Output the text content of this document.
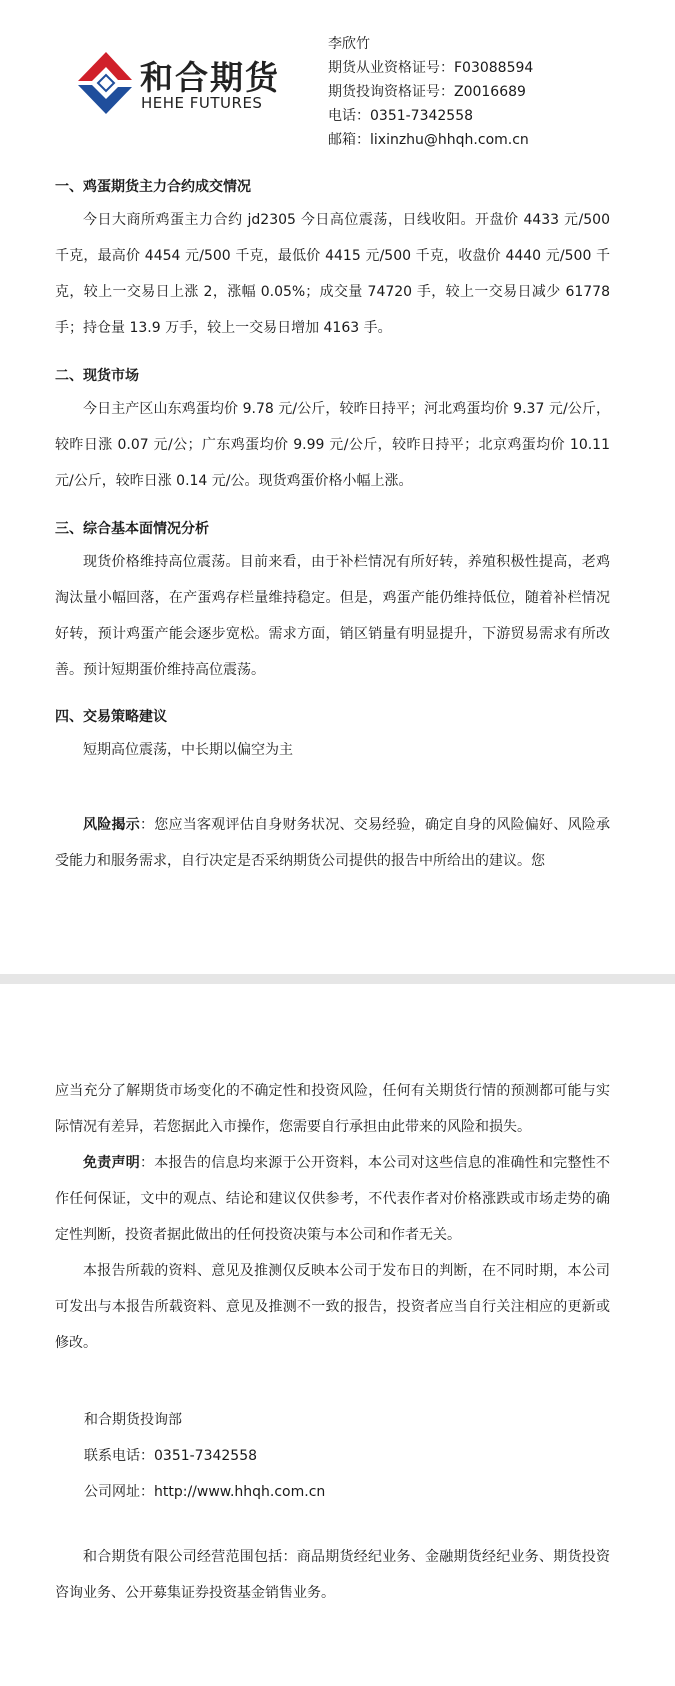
和合期货
HEHE FUTURES
李欣竹
期货从业资格证号：F03088594
期货投询资格证号：Z0016689
电话：0351-7342558
邮箱：lixinzhu@hhqh.com.cn
一、鸡蛋期货主力合约成交情况
今日大商所鸡蛋主力合约 jd2305 今日高位震荡，日线收阳。开盘价 4433 元/500 千克，最高价 4454 元/500 千克，最低价 4415 元/500 千克，收盘价 4440 元/500 千克，较上一交易日上涨 2，涨幅 0.05%；成交量 74720 手，较上一交易日减少 61778 手；持仓量 13.9 万手，较上一交易日增加 4163 手。
二、现货市场
今日主产区山东鸡蛋均价 9.78 元/公斤，较昨日持平；河北鸡蛋均价 9.37 元/公斤，较昨日涨 0.07 元/公；广东鸡蛋均价 9.99 元/公斤，较昨日持平；北京鸡蛋均价 10.11 元/公斤，较昨日涨 0.14 元/公。现货鸡蛋价格小幅上涨。
三、综合基本面情况分析
现货价格维持高位震荡。目前来看，由于补栏情况有所好转，养殖积极性提高，老鸡淘汰量小幅回落，在产蛋鸡存栏量维持稳定。但是，鸡蛋产能仍维持低位，随着补栏情况好转，预计鸡蛋产能会逐步宽松。需求方面，销区销量有明显提升，下游贸易需求有所改善。预计短期蛋价维持高位震荡。
四、交易策略建议
短期高位震荡，中长期以偏空为主
风险揭示：您应当客观评估自身财务状况、交易经验，确定自身的风险偏好、风险承受能力和服务需求，自行决定是否采纳期货公司提供的报告中所给出的建议。您
应当充分了解期货市场变化的不确定性和投资风险，任何有关期货行情的预测都可能与实际情况有差异，若您据此入市操作，您需要自行承担由此带来的风险和损失。
免责声明：本报告的信息均来源于公开资料，本公司对这些信息的准确性和完整性不作任何保证，文中的观点、结论和建议仅供参考，不代表作者对价格涨跌或市场走势的确定性判断，投资者据此做出的任何投资决策与本公司和作者无关。
本报告所载的资料、意见及推测仅反映本公司于发布日的判断，在不同时期，本公司可发出与本报告所载资料、意见及推测不一致的报告，投资者应当自行关注相应的更新或修改。
和合期货投询部
联系电话：0351-7342558
公司网址：http://www.hhqh.com.cn
和合期货有限公司经营范围包括：商品期货经纪业务、金融期货经纪业务、期货投资咨询业务、公开募集证券投资基金销售业务。
